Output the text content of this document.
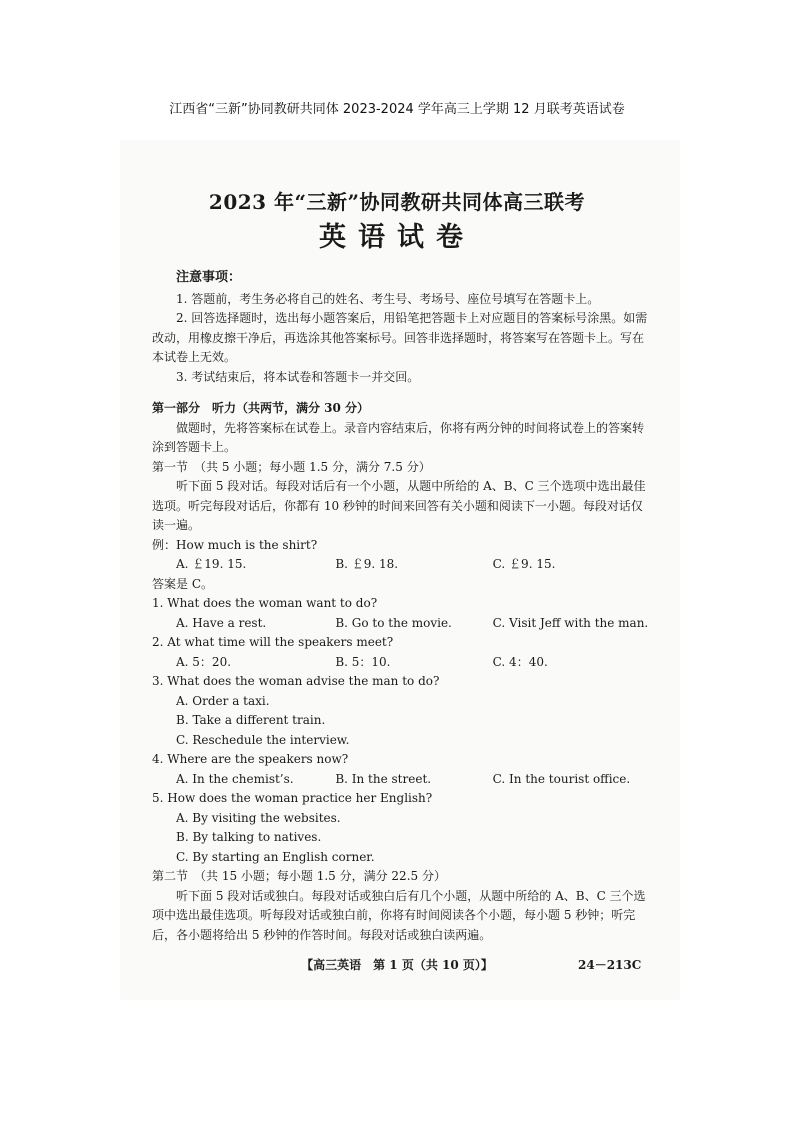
江西省“三新”协同教研共同体 2023-2024 学年高三上学期 12 月联考英语试卷
2023 年“三新”协同教研共同体高三联考
英语试卷

注意事项：

1. 答题前，考生务必将自己的姓名、考生号、考场号、座位号填写在答题卡上。

2. 回答选择题时，选出每小题答案后，用铅笔把答题卡上对应题目的答案标号涂黑。如需改动，用橡皮擦干净后，再选涂其他答案标号。回答非选择题时，将答案写在答题卡上。写在本试卷上无效。

3. 考试结束后，将本试卷和答题卡一并交回。

第一部分　听力（共两节，满分 30 分）

做题时，先将答案标在试卷上。录音内容结束后，你将有两分钟的时间将试卷上的答案转涂到答题卡上。

第一节　（共 5 小题；每小题 1.5 分，满分 7.5 分）

听下面 5 段对话。每段对话后有一个小题，从题中所给的 A、B、C 三个选项中选出最佳选项。听完每段对话后，你都有 10 秒钟的时间来回答有关小题和阅读下一小题。每段对话仅读一遍。

例：How much is the shirt?

A. ￡19. 15.	B. ￡9. 18.	C. ￡9. 15.

答案是 C。

1. What does the woman want to do?

A. Have a rest.	B. Go to the movie.	C. Visit Jeff with the man.

2. At what time will the speakers meet?

A. 5：20.	B. 5：10.	C. 4：40.

3. What does the woman advise the man to do?

A. Order a taxi.

B. Take a different train.

C. Reschedule the interview.

4. Where are the speakers now?

A. In the chemist’s.	B. In the street.	C. In the tourist office.

5. How does the woman practice her English?

A. By visiting the websites.

B. By talking to natives.

C. By starting an English corner.

第二节　（共 15 小题；每小题 1.5 分，满分 22.5 分）

听下面 5 段对话或独白。每段对话或独白后有几个小题，从题中所给的 A、B、C 三个选项中选出最佳选项。听每段对话或独白前，你将有时间阅读各个小题，每小题 5 秒钟；听完后，各小题将给出 5 秒钟的作答时间。每段对话或独白读两遍。

【高三英语　第 1 页（共 10 页）】	24－213C
